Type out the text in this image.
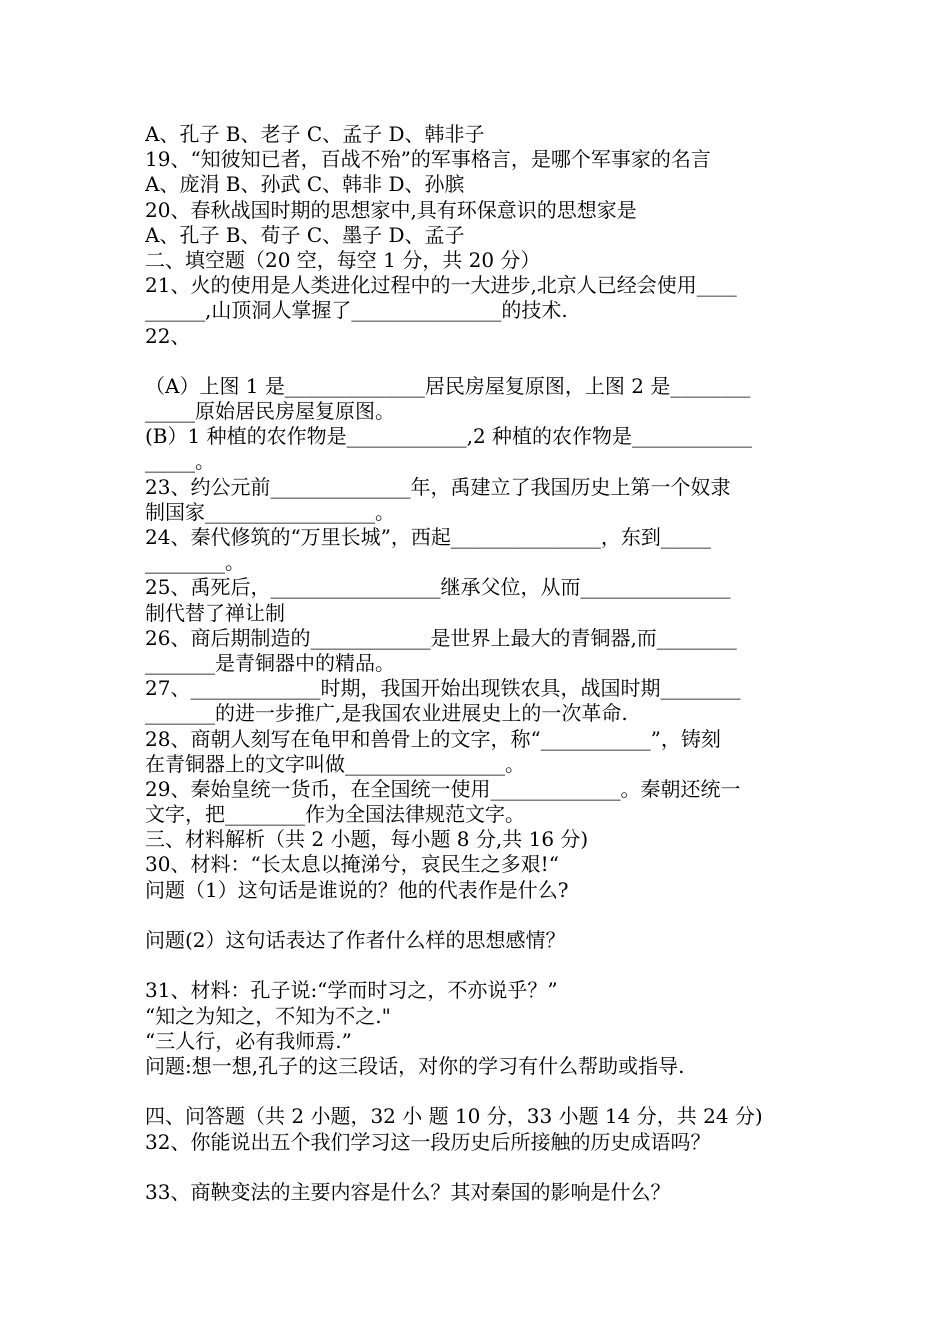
A、孔子 B、老子 C、孟子 D、韩非子
19、“知彼知已者，百战不殆”的军事格言，是哪个军事家的名言
A、庞涓 B、孙武 C、韩非 D、孙膑
20、春秋战国时期的思想家中,具有环保意识的思想家是
A、孔子 B、荀子 C、墨子 D、孟子
二、填空题（20 空，每空 1 分，共 20 分）
21、火的使用是人类进化过程中的一大进步,北京人已经会使用____
______,山顶洞人掌握了_______________的技术.
22、
（A）上图 1 是______________居民房屋复原图，上图 2 是________
_____原始居民房屋复原图。
(B）1 种植的农作物是____________,2 种植的农作物是____________
_____。
23、约公元前______________年，禹建立了我国历史上第一个奴隶
制国家_________________。
24、秦代修筑的“万里长城”，西起_______________，东到_____
________。
25、禹死后，_________________继承父位，从而_______________
制代替了禅让制
26、商后期制造的____________是世界上最大的青铜器,而________
_______是青铜器中的精品。
27、_____________时期，我国开始出现铁农具，战国时期________
_______的进一步推广,是我国农业进展史上的一次革命.
28、商朝人刻写在龟甲和兽骨上的文字，称“___________”，铸刻
在青铜器上的文字叫做________________。
29、秦始皇统一货币，在全国统一使用_____________。秦朝还统一
文字，把________作为全国法律规范文字。
三、材料解析（共 2 小题，每小题 8 分,共 16 分)
30、材料：“长太息以掩涕兮，哀民生之多艰!“
问题（1）这句话是谁说的？他的代表作是什么?
问题(2）这句话表达了作者什么样的思想感情？
31、材料：孔子说:“学而时习之，不亦说乎？”
“知之为知之，不知为不之."
“三人行，必有我师焉.”
问题:想一想,孔子的这三段话，对你的学习有什么帮助或指导.
四、问答题（共 2 小题，32 小 题 10 分，33 小题 14 分，共 24 分)
32、你能说出五个我们学习这一段历史后所接触的历史成语吗？
33、商鞅变法的主要内容是什么？其对秦国的影响是什么？
